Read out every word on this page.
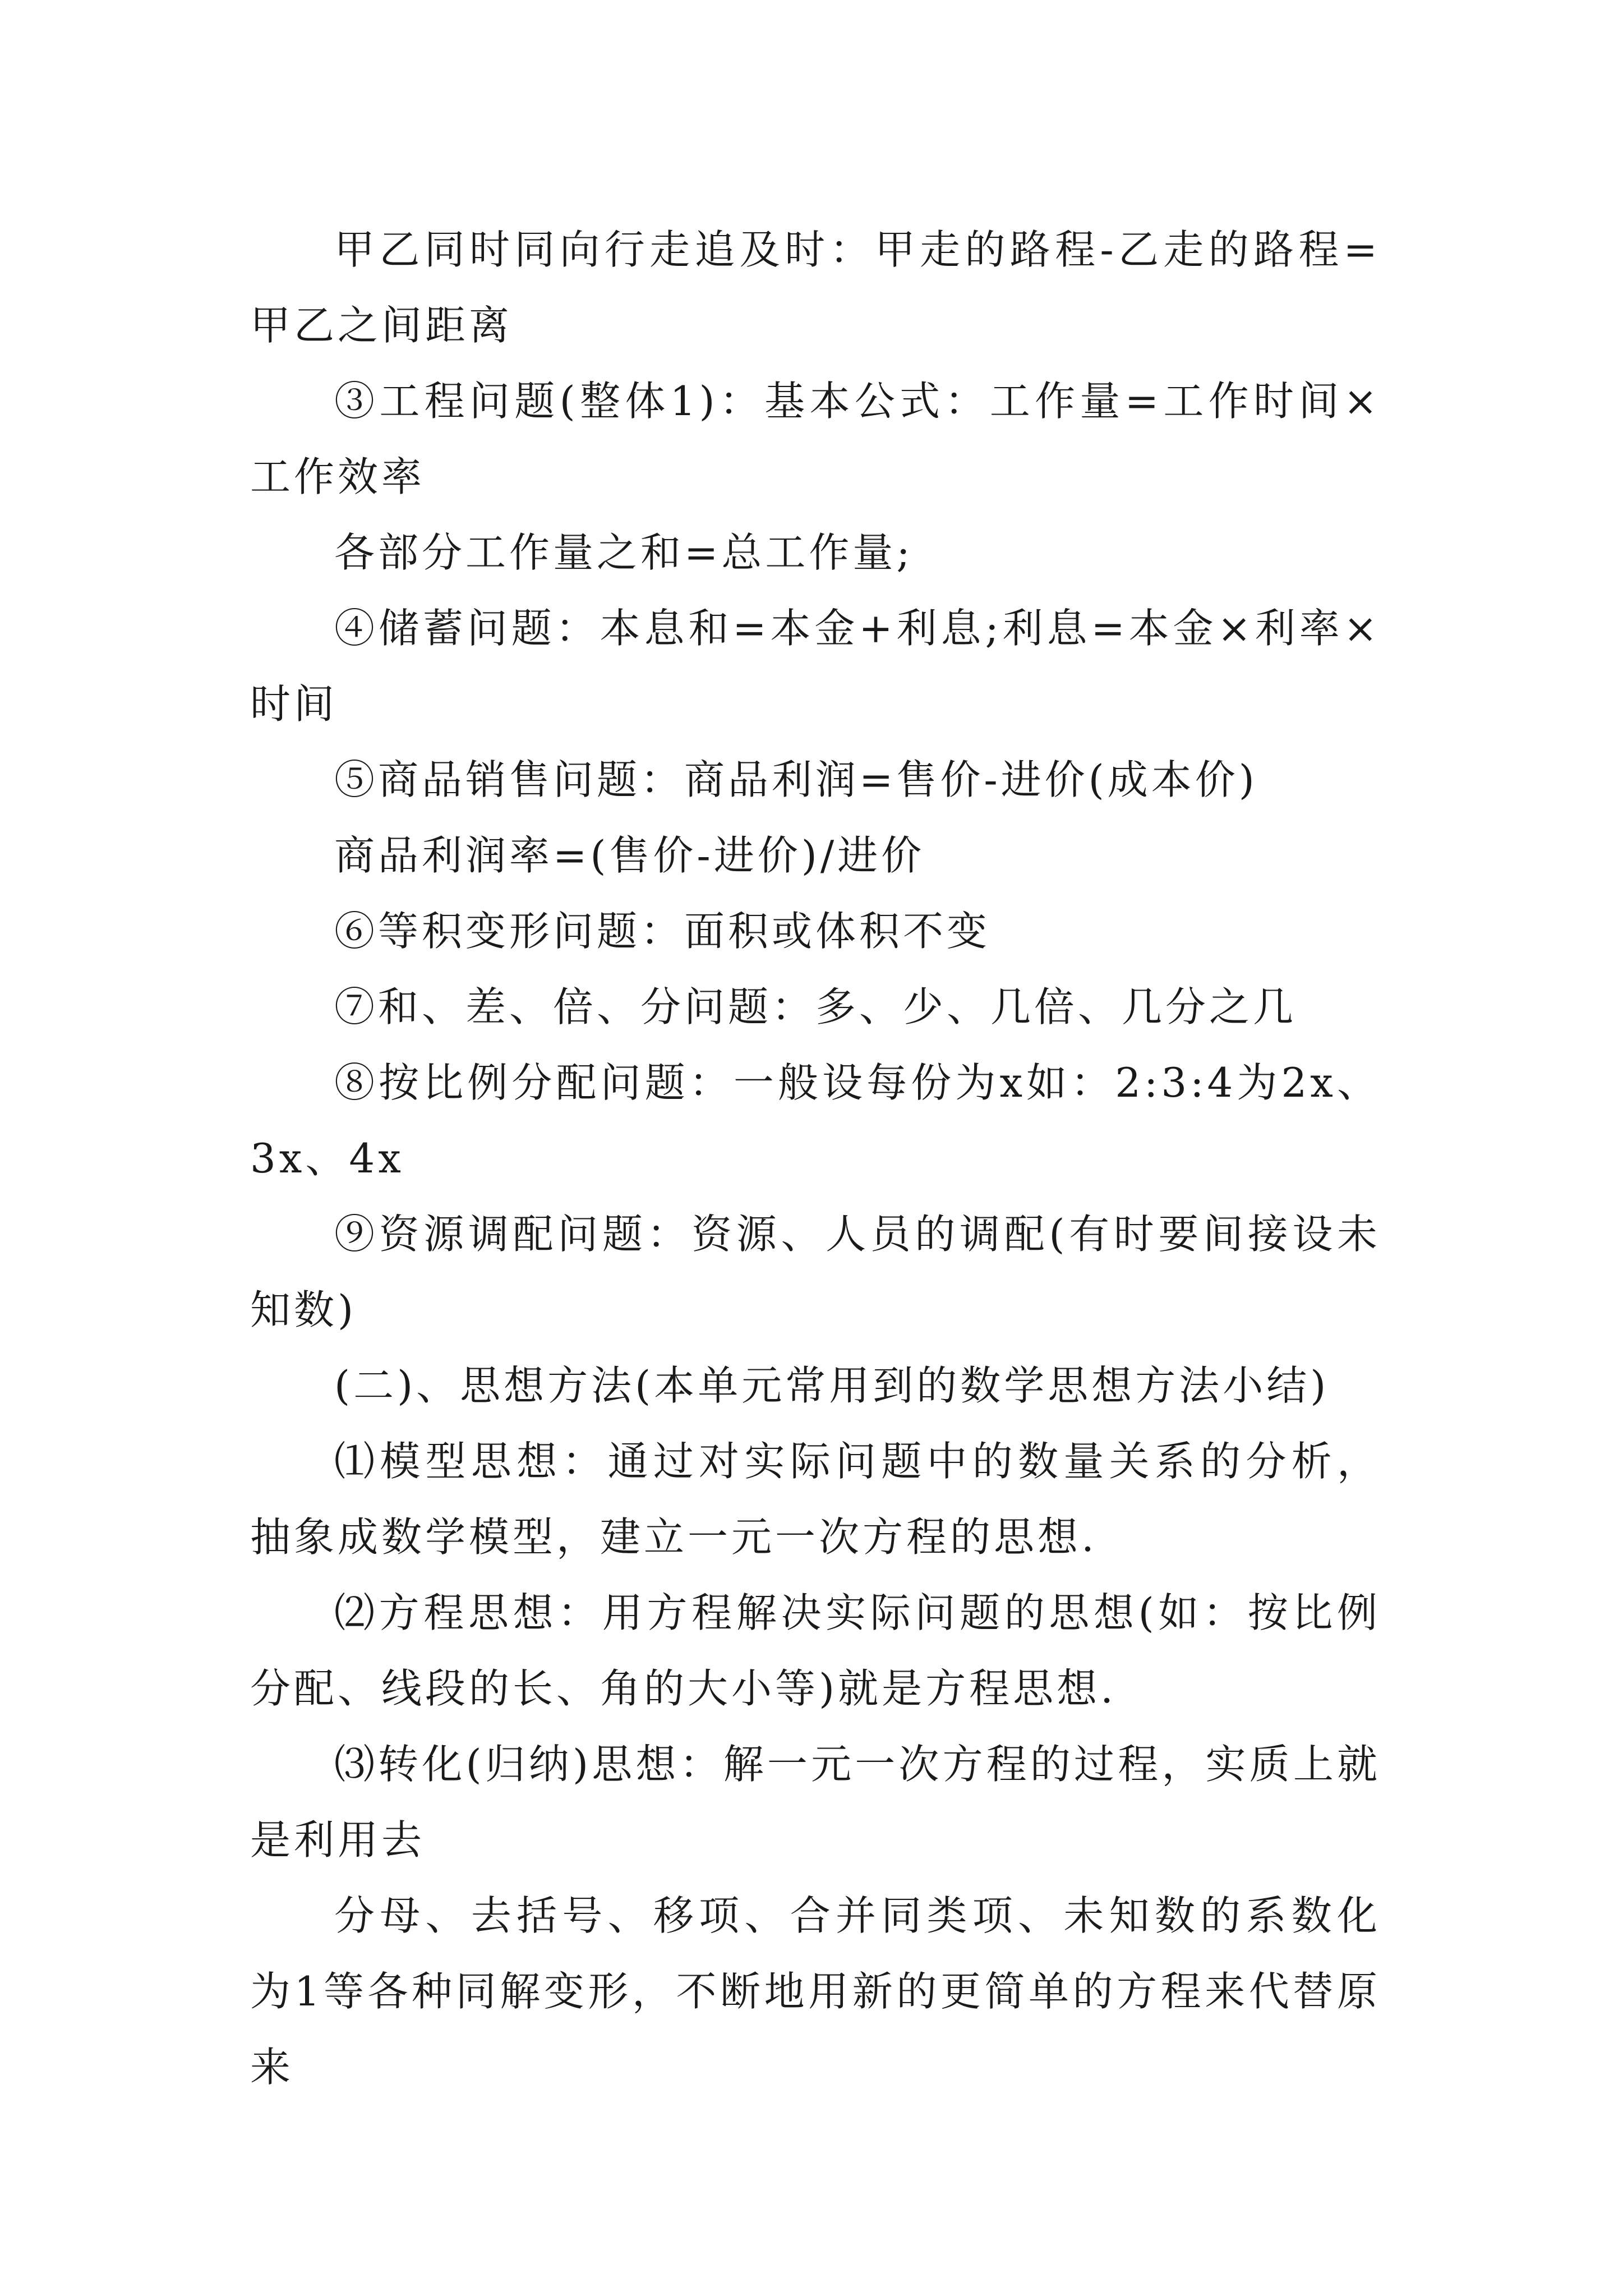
甲乙同时同向行走追及时：甲走的路程-乙走的路程=甲乙之间距离

③工程问题(整体1)：基本公式：工作量=工作时间×工作效率

各部分工作量之和=总工作量;

④储蓄问题：本息和=本金+利息;利息=本金×利率×时间

⑤商品销售问题：商品利润=售价-进价(成本价)

商品利润率=(售价-进价)/进价

⑥等积变形问题：面积或体积不变

⑦和、差、倍、分问题：多、少、几倍、几分之几

⑧按比例分配问题：一般设每份为x如：2:3:4为2x、3x、4x

⑨资源调配问题：资源、人员的调配(有时要间接设未知数)

(二)、思想方法(本单元常用到的数学思想方法小结)

⑴模型思想：通过对实际问题中的数量关系的分析，抽象成数学模型，建立一元一次方程的思想.

⑵方程思想：用方程解决实际问题的思想(如：按比例分配、线段的长、角的大小等)就是方程思想.

⑶转化(归纳)思想：解一元一次方程的过程，实质上就是利用去

分母、去括号、移项、合并同类项、未知数的系数化为1等各种同解变形，不断地用新的更简单的方程来代替原来
